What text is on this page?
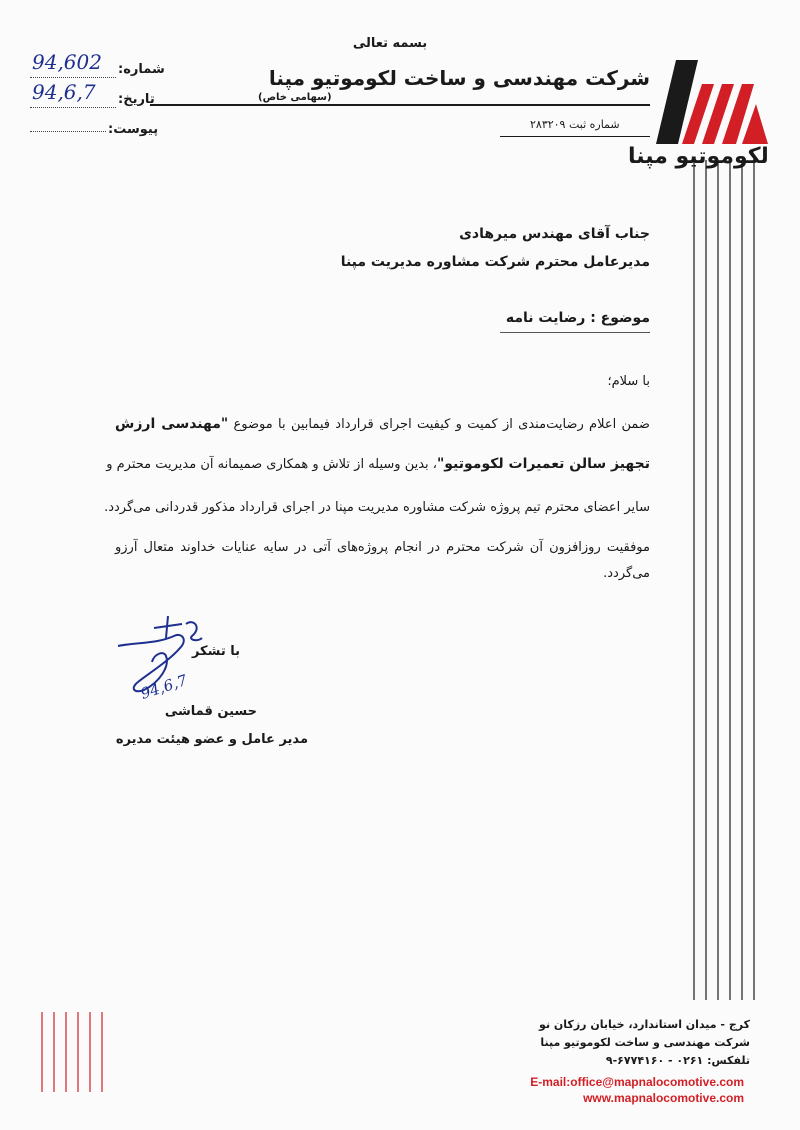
بسمه تعالی
شرکت مهندسی و ساخت لکوموتیو مپنا
(سهامی خاص)
شماره ثبت ۲۸۳۲۰۹
لکوموتیو مپنا
شماره:
94,602
تاریخ:
94,6,7
پیوست:
جناب آقای مهندس میرهادی
مدیرعامل محترم شرکت مشاوره مدیریت مپنا
موضوع : رضایت نامه
با سلام؛
ضمن اعلام رضایت‌مندی از کمیت و کیفیت اجرای قرارداد فیمابین با موضوع "مهندسی ارزش
تجهیز سالن تعمیرات لکوموتیو"، بدین وسیله از تلاش و همکاری صمیمانه آن مدیریت محترم و
سایر اعضای محترم تیم پروژه شرکت مشاوره مدیریت مپنا در اجرای قرارداد مذکور قدردانی می‌گردد.
موفقیت روزافزون آن شرکت محترم در انجام پروژه‌های آتی در سایه عنایات خداوند متعال آرزو
می‌گردد.
با تشکر
94,6,7
حسین قماشی
مدیر عامل و عضو هیئت مدیره
کرج - میدان استاندارد، خیابان رزکان نو
شرکت مهندسی و ساخت لکوموتیو مپنا
تلفکس: ۰۲۶۱ - ۶۷۷۴۱۶۰-۹
E-mail:office@mapnalocomotive.com
www.mapnalocomotive.com
